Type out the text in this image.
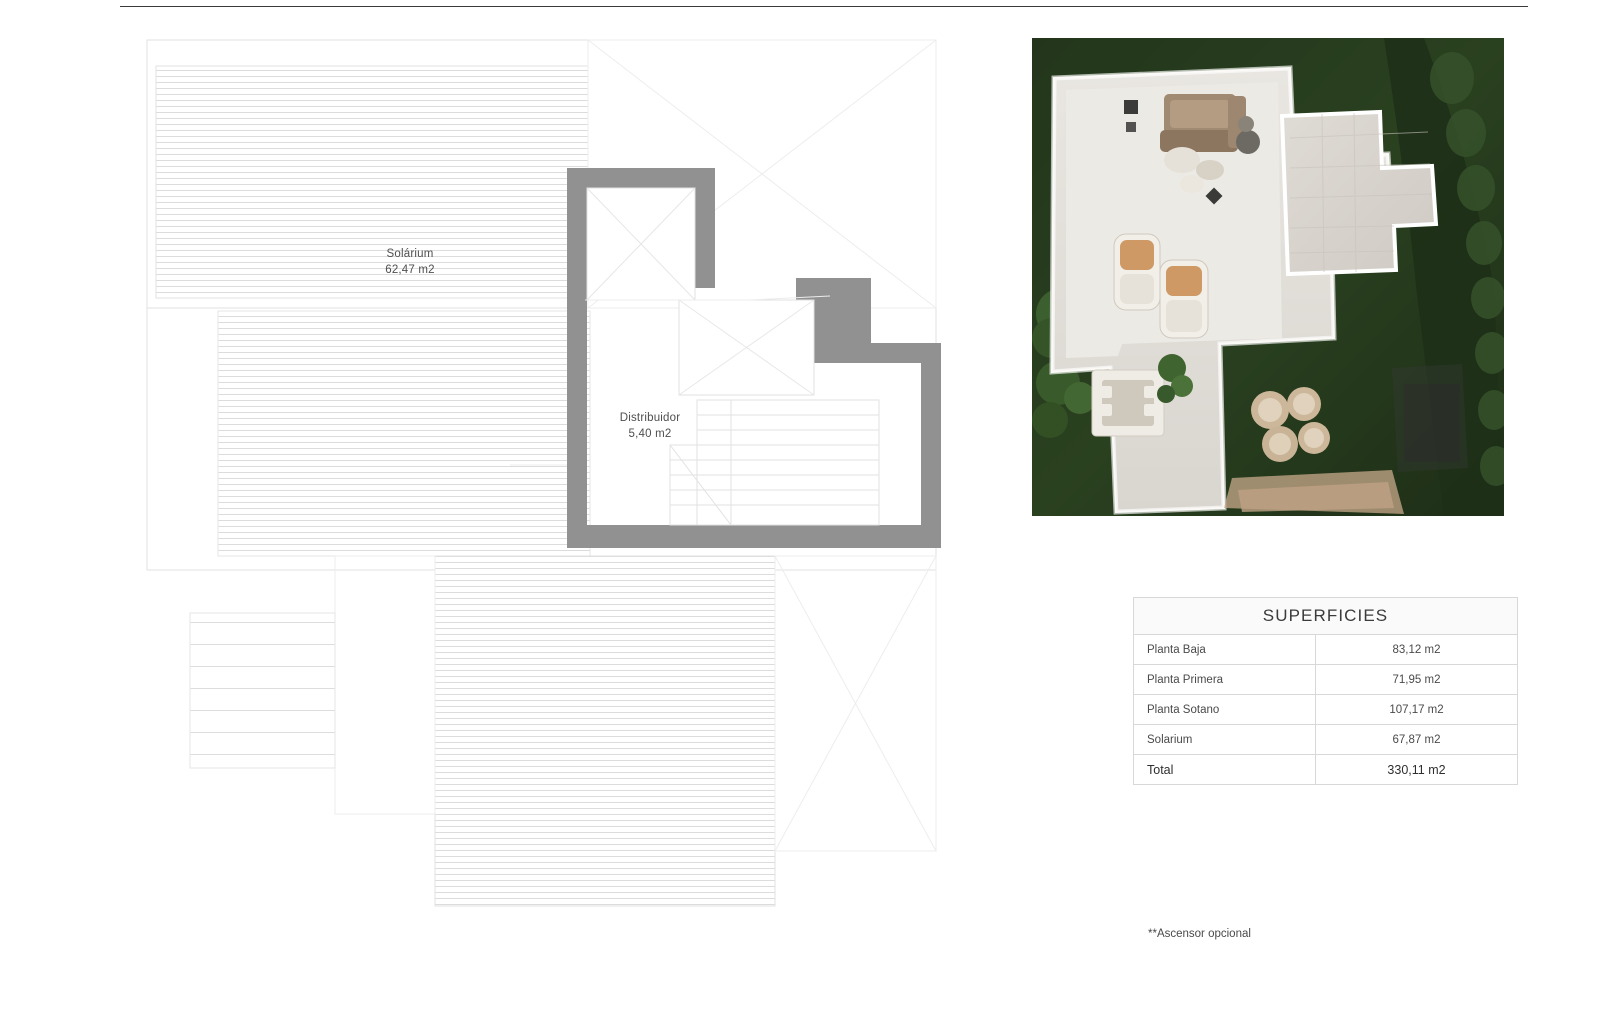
Solárium
62,47 m2
Distribuidor
5,40 m2
SUPERFICIES
Planta Baja	83,12 m2
Planta Primera	71,95 m2
Planta Sotano	107,17 m2
Solarium	67,87 m2
Total	330,11 m2
**Ascensor opcional
